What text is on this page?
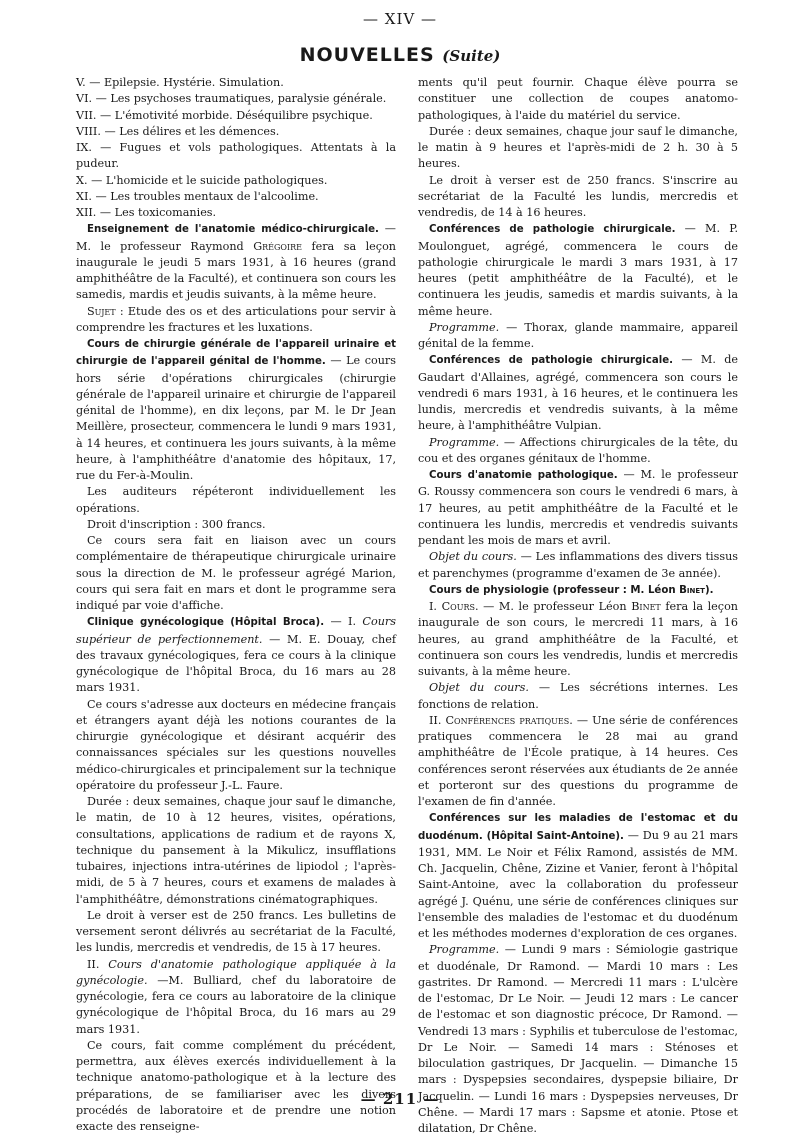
— XIV —
NOUVELLES (Suite)

V. — Epilepsie. Hystérie. Simulation.

VI. — Les psychoses traumatiques, paralysie générale.

VII. — L'émotivité morbide. Déséquilibre psychique.

VIII. — Les délires et les démences.

IX. — Fugues et vols pathologiques. Attentats à la pudeur.

X. — L'homicide et le suicide pathologiques.

XI. — Les troubles mentaux de l'alcoolime.

XII. — Les toxicomanies.

Enseignement de l'anatomie médico-chirurgicale. — M. le professeur Raymond Grégoire fera sa leçon inaugurale le jeudi 5 mars 1931, à 16 heures (grand amphithéâtre de la Faculté), et continuera son cours les samedis, mardis et jeudis suivants, à la même heure.

Sujet : Etude des os et des articulations pour servir à comprendre les fractures et les luxations.

Cours de chirurgie générale de l'appareil urinaire et chirurgie de l'appareil génital de l'homme. — Le cours hors série d'opérations chirurgicales (chirurgie générale de l'appareil urinaire et chirurgie de l'appareil génital de l'homme), en dix leçons, par M. le Dr Jean Meillère, prosecteur, commencera le lundi 9 mars 1931, à 14 heures, et continuera les jours suivants, à la même heure, à l'amphithéâtre d'anatomie des hôpitaux, 17, rue du Fer-à-Moulin.

Les auditeurs répéteront individuellement les opérations.

Droit d'inscription : 300 francs.

Ce cours sera fait en liaison avec un cours complémentaire de thérapeutique chirurgicale urinaire sous la direction de M. le professeur agrégé Marion, cours qui sera fait en mars et dont le programme sera indiqué par voie d'affiche.

Clinique gynécologique (Hôpital Broca). — I. Cours supérieur de perfectionnement. — M. E. Douay, chef des travaux gynécologiques, fera ce cours à la clinique gynécologique de l'hôpital Broca, du 16 mars au 28 mars 1931.

Ce cours s'adresse aux docteurs en médecine français et étrangers ayant déjà les notions courantes de la chirurgie gynécologique et désirant acquérir des connaissances spéciales sur les questions nouvelles médico-chirurgicales et principalement sur la technique opératoire du professeur J.-L. Faure.

Durée : deux semaines, chaque jour sauf le dimanche, le matin, de 10 à 12 heures, visites, opérations, consultations, applications de radium et de rayons X, technique du pansement à la Mikulicz, insufflations tubaires, injections intra-utérines de lipiodol ; l'après-midi, de 5 à 7 heures, cours et examens de malades à l'amphithéâtre, démonstrations cinématographiques.

Le droit à verser est de 250 francs. Les bulletins de versement seront délivrés au secrétariat de la Faculté, les lundis, mercredis et vendredis, de 15 à 17 heures.

II. Cours d'anatomie pathologique appliquée à la gynécologie. —M. Bulliard, chef du laboratoire de gynécologie, fera ce cours au laboratoire de la clinique gynécologique de l'hôpital Broca, du 16 mars au 29 mars 1931.

Ce cours, fait comme complément du précédent, permettra, aux élèves exercés individuellement à la technique anatomo-pathologique et à la lecture des préparations, de se familiariser avec les divers procédés de laboratoire et de prendre une notion exacte des renseigne-

ments qu'il peut fournir. Chaque élève pourra se constituer une collection de coupes anatomo-pathologiques, à l'aide du matériel du service.

Durée : deux semaines, chaque jour sauf le dimanche, le matin à 9 heures et l'après-midi de 2 h. 30 à 5 heures.

Le droit à verser est de 250 francs. S'inscrire au secrétariat de la Faculté les lundis, mercredis et vendredis, de 14 à 16 heures.

Conférences de pathologie chirurgicale. — M. P. Moulonguet, agrégé, commencera le cours de pathologie chirurgicale le mardi 3 mars 1931, à 17 heures (petit amphithéâtre de la Faculté), et le continuera les jeudis, samedis et mardis suivants, à la même heure.

Programme. — Thorax, glande mammaire, appareil génital de la femme.

Conférences de pathologie chirurgicale. — M. de Gaudart d'Allaines, agrégé, commencera son cours le vendredi 6 mars 1931, à 16 heures, et le continuera les lundis, mercredis et vendredis suivants, à la même heure, à l'amphithéâtre Vulpian.

Programme. — Affections chirurgicales de la tête, du cou et des organes génitaux de l'homme.

Cours d'anatomie pathologique. — M. le professeur G. Roussy commencera son cours le vendredi 6 mars, à 17 heures, au petit amphithéâtre de la Faculté et le continuera les lundis, mercredis et vendredis suivants pendant les mois de mars et avril.

Objet du cours. — Les inflammations des divers tissus et parenchymes (programme d'examen de 3e année).

Cours de physiologie (professeur : M. Léon Binet).

I. Cours. — M. le professeur Léon Binet fera la leçon inaugurale de son cours, le mercredi 11 mars, à 16 heures, au grand amphithéâtre de la Faculté, et continuera son cours les vendredis, lundis et mercredis suivants, à la même heure.

Objet du cours. — Les sécrétions internes. Les fonctions de relation.

II. Conférences pratiques. — Une série de conférences pratiques commencera le 28 mai au grand amphithéâtre de l'École pratique, à 14 heures. Ces conférences seront réservées aux étudiants de 2e année et porteront sur des questions du programme de l'examen de fin d'année.

Conférences sur les maladies de l'estomac et du duodénum. (Hôpital Saint-Antoine). — Du 9 au 21 mars 1931, MM. Le Noir et Félix Ramond, assistés de MM. Ch. Jacquelin, Chêne, Zizine et Vanier, feront à l'hôpital Saint-Antoine, avec la collaboration du professeur agrégé J. Quénu, une série de conférences cliniques sur l'ensemble des maladies de l'estomac et du duodénum et les méthodes modernes d'exploration de ces organes.

Programme. — Lundi 9 mars : Sémiologie gastrique et duodénale, Dr Ramond. — Mardi 10 mars : Les gastrites. Dr Ramond. — Mercredi 11 mars : L'ulcère de l'estomac, Dr Le Noir. — Jeudi 12 mars : Le cancer de l'estomac et son diagnostic précoce, Dr Ramond. — Vendredi 13 mars : Syphilis et tuberculose de l'estomac, Dr Le Noir. — Samedi 14 mars : Sténoses et biloculation gastriques, Dr Jacquelin. — Dimanche 15 mars : Dyspepsies secondaires, dyspepsie biliaire, Dr Jacquelin. — Lundi 16 mars : Dyspepsies nerveuses, Dr Chêne. — Mardi 17 mars : Sapsme et atonie. Ptose et dilatation, Dr Chêne.

— 211 —
